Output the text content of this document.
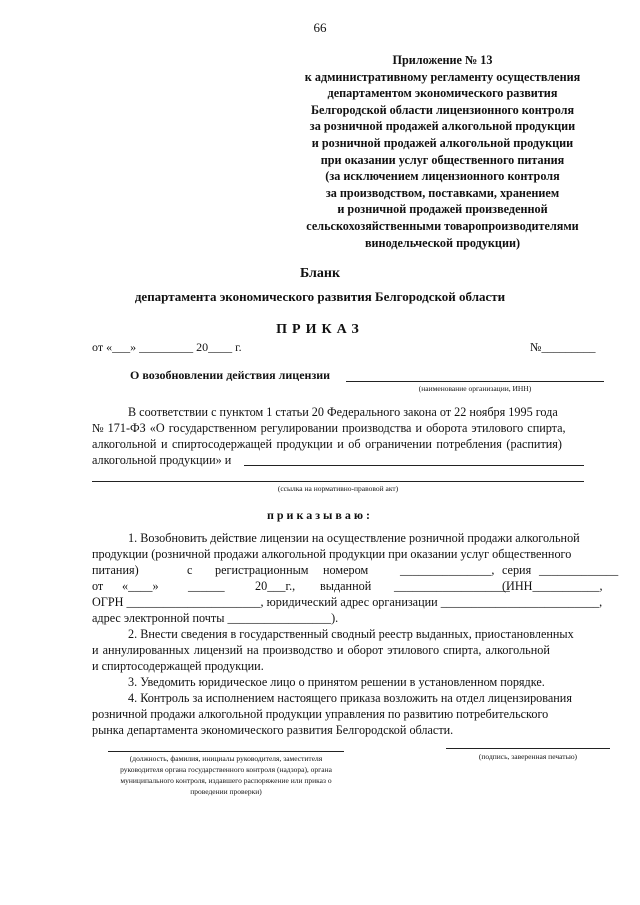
66
Приложение № 13
к административному регламенту осуществления
департаментом экономического развития
Белгородской области лицензионного контроля
за розничной продажей алкогольной продукции
и розничной продажей алкогольной продукции
при оказании услуг общественного питания
(за исключением лицензионного контроля
за производством, поставками, хранением
и розничной продажей произведенной
сельскохозяйственными товаропроизводителями
винодельческой продукции)
Бланк
департамента экономического развития Белгородской области
ПРИКАЗ
от «___» _________ 20____ г.	№_________
О возобновлении действия лицензии
(наименование организации, ИНН)
В соответствии с пунктом 1 статьи 20 Федерального закона от 22 ноября 1995 года
№ 171-ФЗ «О государственном регулировании производства и оборота этилового спирта,
алкогольной и спиртосодержащей продукции и об ограничении потребления (распития)
алкогольной продукции» и
(ссылка на нормативно-правовой акт)
приказываю:
1. Возобновить действие лицензии на осуществление розничной продажи алкогольной
продукции (розничной продажи алкогольной продукции при оказании услуг общественного
питания)	с регистрационным номером	_______________, серия _____________
от «____» ______ 20___г., выданной ___________________
(ИНН___________,
ОГРН ______________________, юридический адрес организации __________________________,
адрес электронной почты _________________).
2. Внести сведения в государственный сводный реестр выданных, приостановленных
и аннулированных лицензий на производство и оборот этилового спирта, алкогольной
и спиртосодержащей продукции.
3. Уведомить юридическое лицо о принятом решении в установленном порядке.
4. Контроль за исполнением настоящего приказа возложить на отдел лицензирования
розничной продажи алкогольной продукции управления по развитию потребительского
рынка департамента экономического развития Белгородской области.
(должность, фамилия, инициалы руководителя, заместителя
руководителя органа государственного контроля (надзора), органа
муниципального контроля, издавшего распоряжение или приказ о
проведении проверки)
(подпись, заверенная печатью)
